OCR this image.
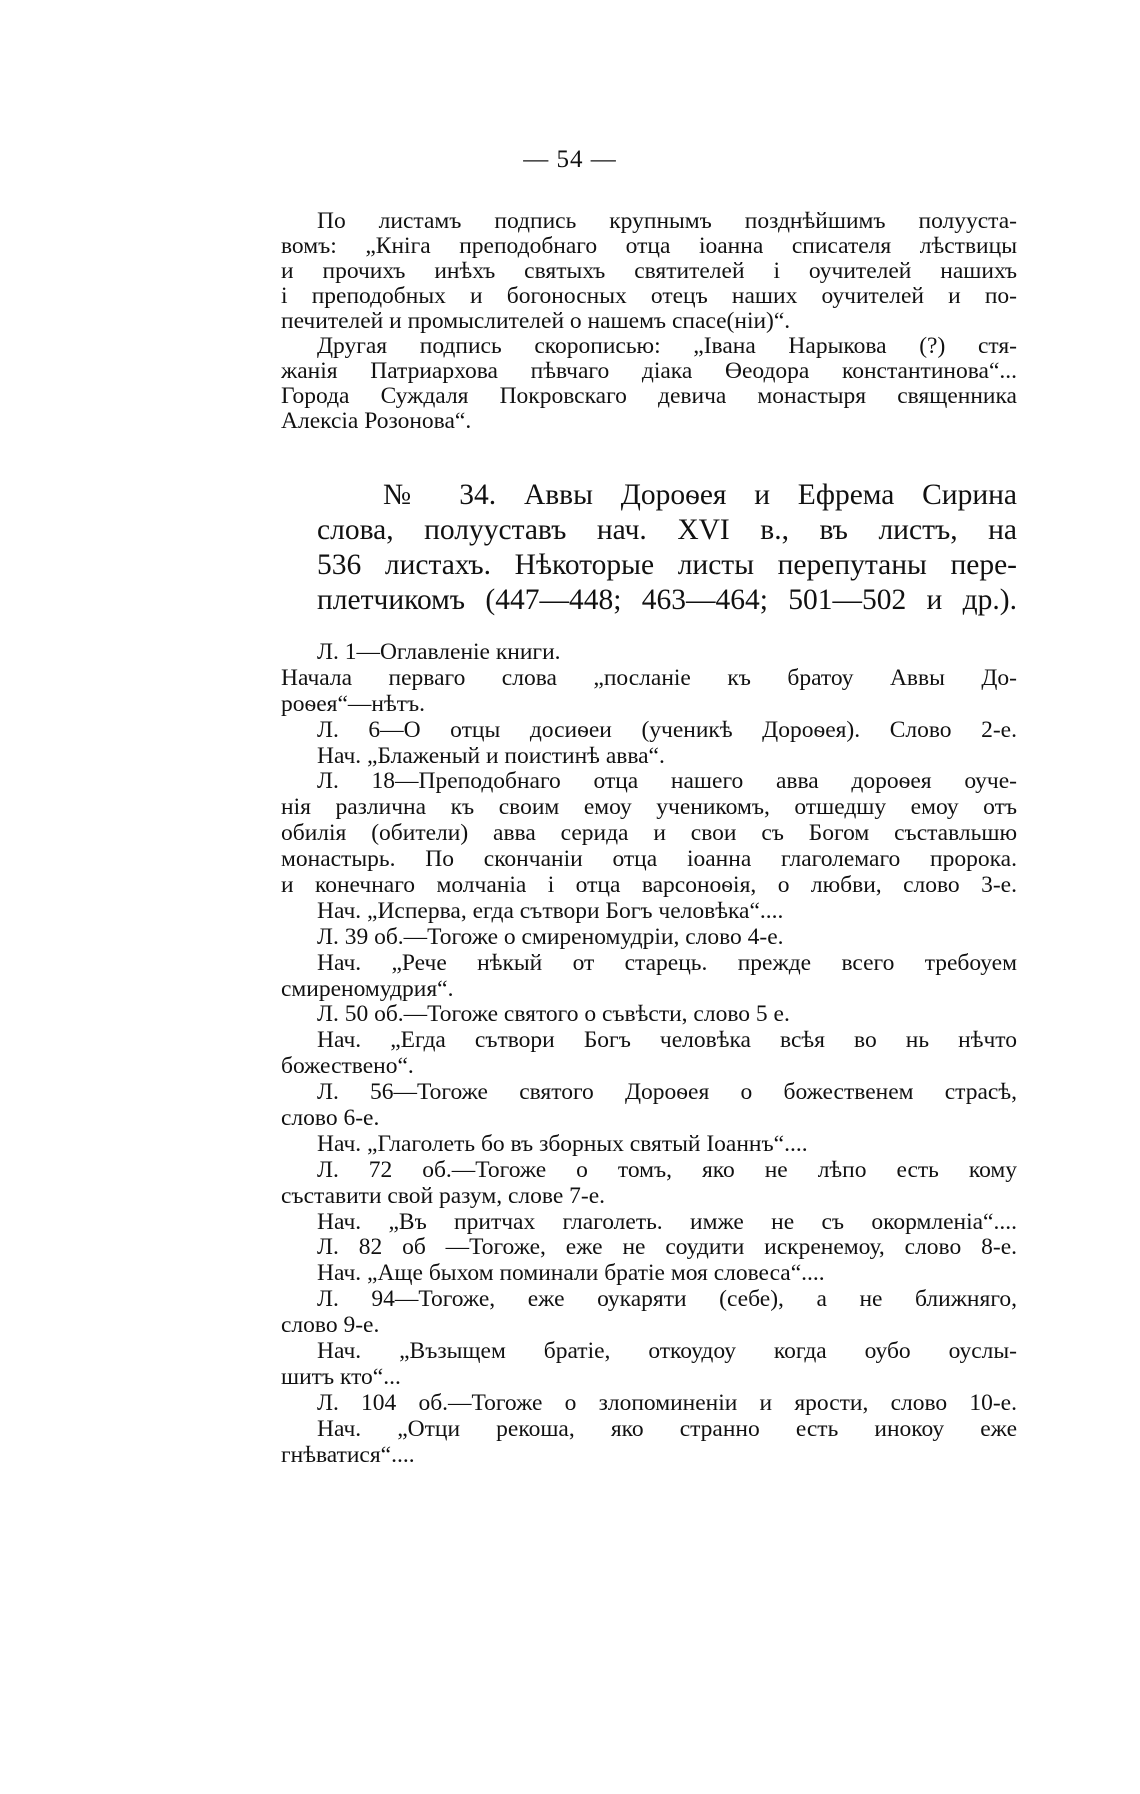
— 54 —
По листамъ подпись крупнымъ позднѣйшимъ полууста-
вомъ: „Кнiга преподобнаго отца iоанна списателя лѣствицы
и прочихъ инѣхъ святыхъ святителей i оучителей нашихъ
i преподобных и богоносных отецъ наших оучителей и по-
печителей и промыслителей о нашемъ спасе(нiи)“.
Другая подпись скорописью: „Iвана Нарыкова (?) стя-
жанiя Патриархова пѣвчаго дiака Өеодора константинова“...
Города Суждаля Покровскаго девича монастыря священника
Алексiа Розонова“.
№ 34. Аввы Дороѳея и Ефрема Сирина
слова, полууставъ нач. XVI в., въ листъ, на
536 листахъ. Нѣкоторые листы перепутаны пере-
плетчикомъ (447—448; 463—464; 501—502 и др.).
Л. 1—Оглавленiе книги.
Начала перваго слова „посланiе къ братоу Аввы До-
роѳея“—нѣтъ.
Л. 6—О отцы досиѳеи (ученикѣ Дороѳея). Слово 2-е.
Нач. „Блаженый и поистинѣ авва“.
Л. 18—Преподобнаго отца нашего авва дороѳея оуче-
нiя различна къ своим емоу ученикомъ, отшедшу емоу отъ
обилiя (обители) авва серида и свои съ Богом съставльшю
монастырь. По скончанiи отца iоанна глаголемаго пророка.
и конечнаго молчанiа i отца варсоноѳiя, о любви, слово 3-е.
Нач. „Исперва, егда сътвори Богъ человѣка“....
Л. 39 об.—Тогоже о смиреномудрiи, слово 4-е.
Нач. „Рече нѣкый от старець. прежде всего требоуем
смиреномудрия“.
Л. 50 об.—Тогоже святого о съвѣсти, слово 5 е.
Нач. „Егда сътвори Богъ человѣка всѣя во нь нѣчто
божествено“.
Л. 56—Тогоже святого Дороѳея о божественем страсѣ,
слово 6-е.
Нач. „Глаголеть бо въ зборных святый Iоаннъ“....
Л. 72 об.—Тогоже о томъ, яко не лѣпо есть кому
съставити свой разум, слове 7-е.
Нач. „Въ притчах глаголеть. имже не съ окормленiа“....
Л. 82 об —Тогоже, еже не соудити искренемоу, слово 8-е.
Нач. „Аще быхом поминали братiе моя словеса“....
Л. 94—Тогоже, еже оукаряти (себе), а не ближняго,
слово 9-е.
Нач. „Възыщем братiе, откоудоу когда оубо оуслы-
шитъ кто“...
Л. 104 об.—Тогоже о злопоминенiи и ярости, слово 10-е.
Нач. „Отци рекоша, яко странно есть инокоу еже
гнѣватися“....
